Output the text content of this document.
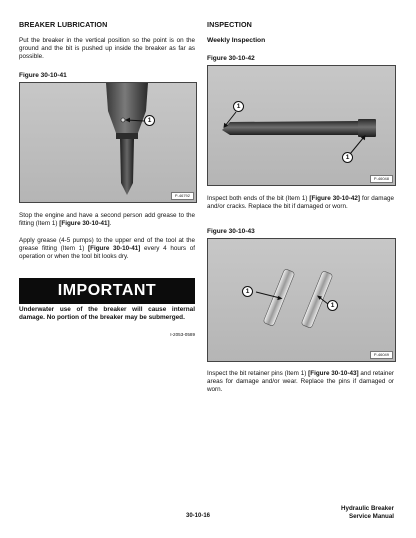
BREAKER LUBRICATION
Put the breaker in the vertical position so the point is on the ground and the bit is pushed up inside the breaker as far as possible.
Figure 30-10-41
1
P-46792
Stop the engine and have a second person add grease to the fitting (Item 1) [Figure 30-10-41].
Apply grease (4-5 pumps) to the upper end of the tool at the grease fitting (Item 1) [Figure 30-10-41] every 4 hours of operation or when the tool bit looks dry.
IMPORTANT
Underwater use of the breaker will cause internal damage. No portion of the breaker may be submerged.
I-2053-0589
INSPECTION
Weekly Inspection
Figure 30-10-42
1
1
P-46048
Inspect both ends of the bit (Item 1) [Figure 30-10-42] for damage and/or cracks. Replace the bit if damaged or worn.
Figure 30-10-43
1
1
P-46049
Inspect the bit retainer pins (Item 1) [Figure 30-10-43] and retainer areas for damage and/or wear. Replace the pins if damaged or worn.
30-10-16
Hydraulic Breaker
Service Manual
